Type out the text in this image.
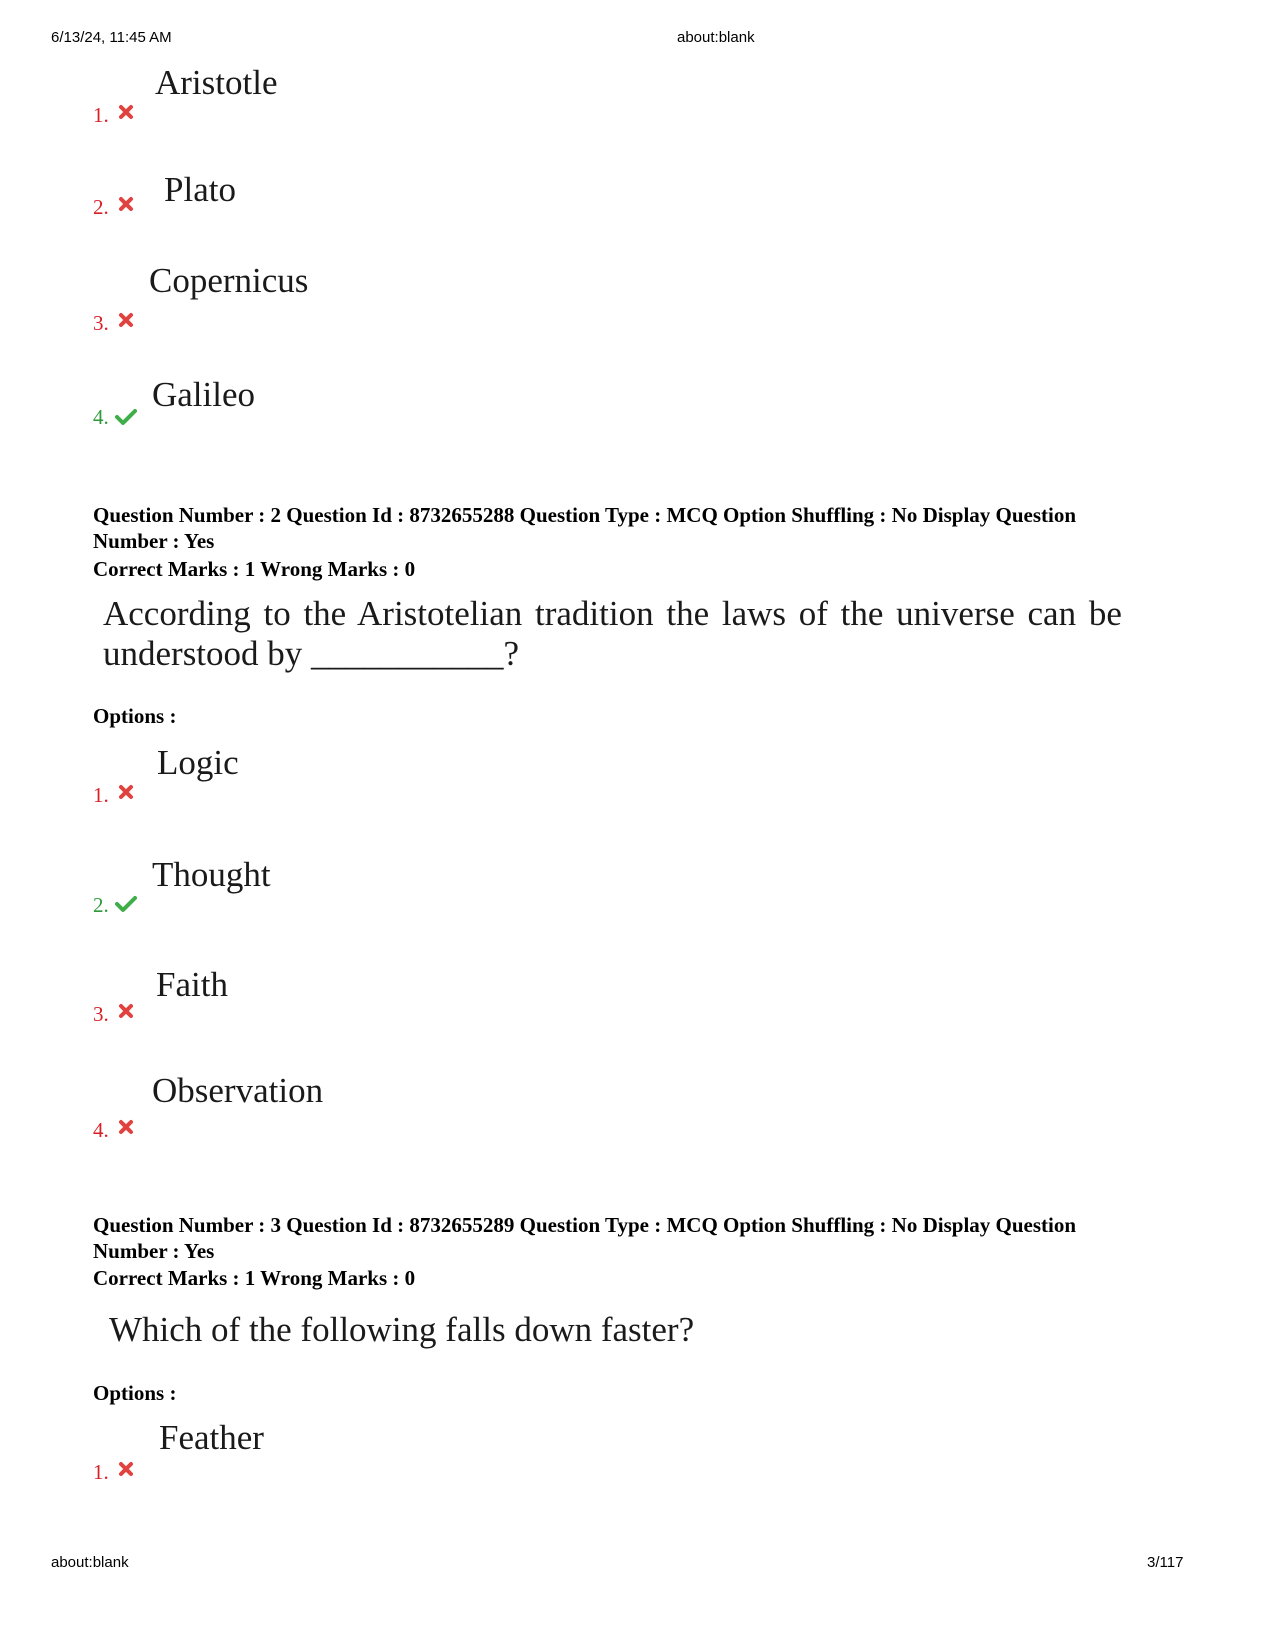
6/13/24, 11:45 AM	about:blank
1.
Aristotle
2. Plato
3.
Copernicus
4.
Galileo
Question Number : 2 Question Id : 8732655288 Question Type : MCQ Option Shuffling : No Display Question
Number : Yes
Correct Marks : 1 Wrong Marks : 0
According to the Aristotelian tradition the laws of the universe can be
understood by ___________?
Options :
1.
Logic
2.
Thought
3.
Faith
4.
Observation
Question Number : 3 Question Id : 8732655289 Question Type : MCQ Option Shuffling : No Display Question
Number : Yes
Correct Marks : 1 Wrong Marks : 0
Which of the following falls down faster?
Options :
1.
Feather
about:blank	3/117
